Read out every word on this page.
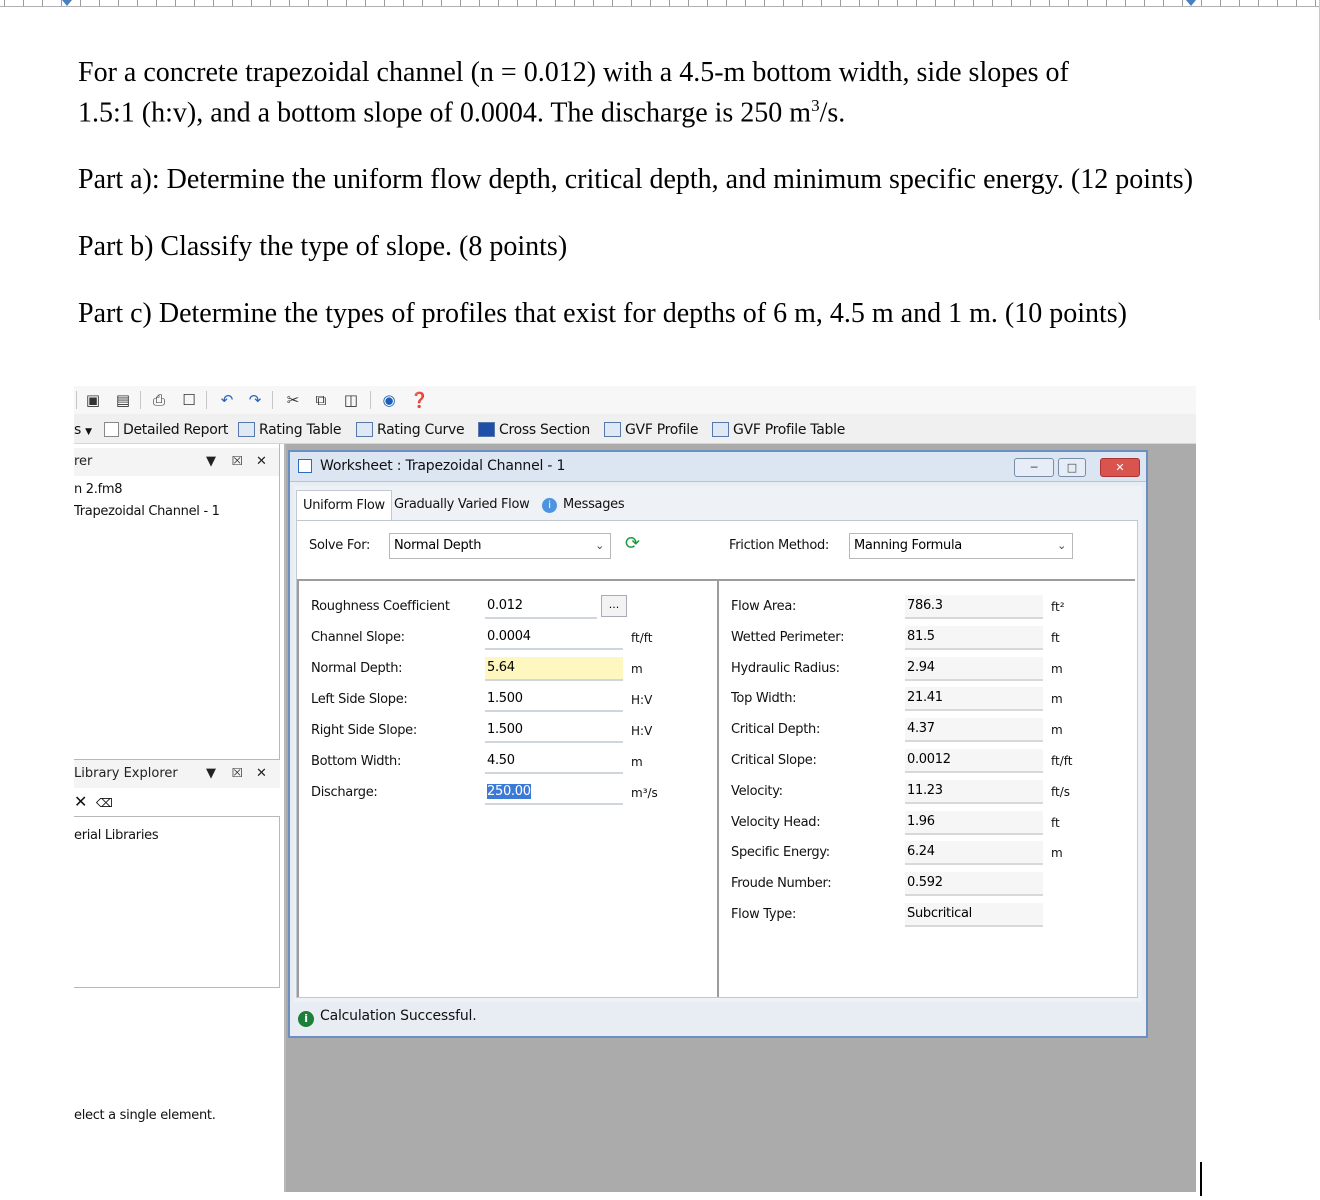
For a concrete trapezoidal channel (n = 0.012) with a 4.5-m bottom width, side slopes of
1.5:1 (h:v), and a bottom slope of 0.0004. The discharge is 250 $m^3/s$.

Part a): Determine the uniform flow depth, critical depth, and minimum specific energy. (12 points)

Part b) Classify the type of slope. (8 points)

Part c) Determine the types of profiles that exist for depths of 6 m, 4.5 m and 1 m. (10 points)

▣ ▤ ⎙ ☐ ↶ ↷ ✂ ⧉ ◫ ◉ ❓
s ▼	Detailed Report	Rating Table	Rating Curve	Cross Section	GVF Profile	GVF Profile Table
rer	▼ ⮽ ✕
n 2.fm8
Trapezoidal Channel - 1
Library Explorer ▼ ⮽ ✕
✕ ⌫
erial Libraries
elect a single element.
Worksheet : Trapezoidal Channel - 1	─	□	✕
Uniform Flow Gradually Varied Flow	i Messages
Solve For:	Normal Depth	⌄ ⟳	Friction Method:	Manning Formula	⌄
Roughness Coefficient	0.012	...
Channel Slope:	0.0004	ft/ft
Normal Depth:	5.64	m
Left Side Slope:	1.500	H:V
Right Side Slope:	1.500	H:V
Bottom Width:	4.50	m
Discharge:	250.00	m³/s
Flow Area:	786.3	ft²
Wetted Perimeter:	81.5	ft
Hydraulic Radius:	2.94	m
Top Width:	21.41	m
Critical Depth:	4.37	m
Critical Slope:	0.0012	ft/ft
Velocity:	11.23	ft/s
Velocity Head:	1.96	ft
Specific Energy:	6.24	m
Froude Number:	0.592
Flow Type:	Subcritical
i Calculation Successful.
